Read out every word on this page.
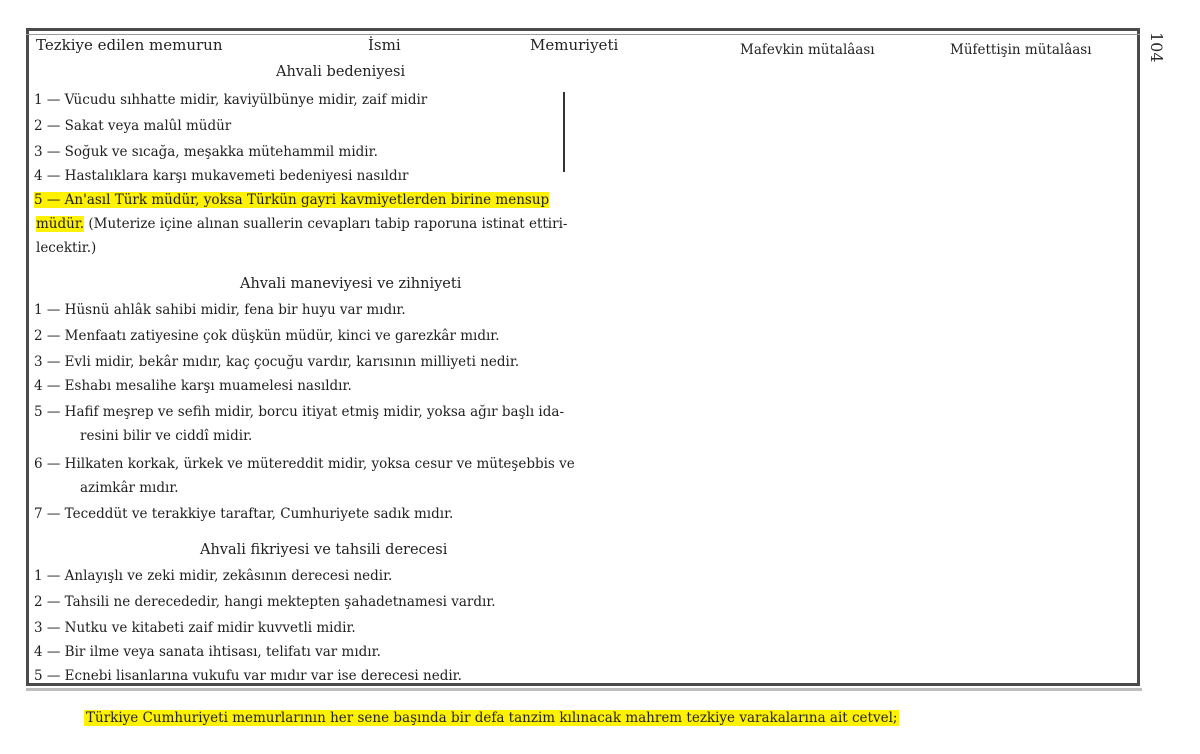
104
Tezkiye edilen memurun	İsmi	Memuriyeti	Mafevkin mütalâası	Müfettişin mütalâası
Ahvali bedeniyesi
1 — Vücudu sıhhatte midir, kaviyülbünye midir, zaif midir
2 — Sakat veya malûl müdür
3 — Soğuk ve sıcağa, meşakka mütehammil midir.
4 — Hastalıklara karşı mukavemeti bedeniyesi nasıldır
5 — An'asıl Türk müdür, yoksa Türkün gayri kavmiyetlerden birine mensup
müdür. (Muterize içine alınan suallerin cevapları tabip raporuna istinat ettiri-
lecektir.)
Ahvali maneviyesi ve zihniyeti
1 — Hüsnü ahlâk sahibi midir, fena bir huyu var mıdır.
2 — Menfaatı zatiyesine çok düşkün müdür, kinci ve garezkâr mıdır.
3 — Evli midir, bekâr mıdır, kaç çocuğu vardır, karısının milliyeti nedir.
4 — Eshabı mesalihe karşı muamelesi nasıldır.
5 — Hafif meşrep ve sefih midir, borcu itiyat etmiş midir, yoksa ağır başlı ida-
resini bilir ve ciddî midir.
6 — Hilkaten korkak, ürkek ve mütereddit midir, yoksa cesur ve müteşebbis ve
azimkâr mıdır.
7 — Teceddüt ve terakkiye taraftar, Cumhuriyete sadık mıdır.
Ahvali fikriyesi ve tahsili derecesi
1 — Anlayışlı ve zeki midir, zekâsının derecesi nedir.
2 — Tahsili ne derecededir, hangi mektepten şahadetnamesi vardır.
3 — Nutku ve kitabeti zaif midir kuvvetli midir.
4 — Bir ilme veya sanata ihtisası, telifatı var mıdır.
5 — Ecnebi lisanlarına vukufu var mıdır var ise derecesi nedir.
Türkiye Cumhuriyeti memurlarının her sene başında bir defa tanzim kılınacak mahrem tezkiye varakalarına ait cetvel;
